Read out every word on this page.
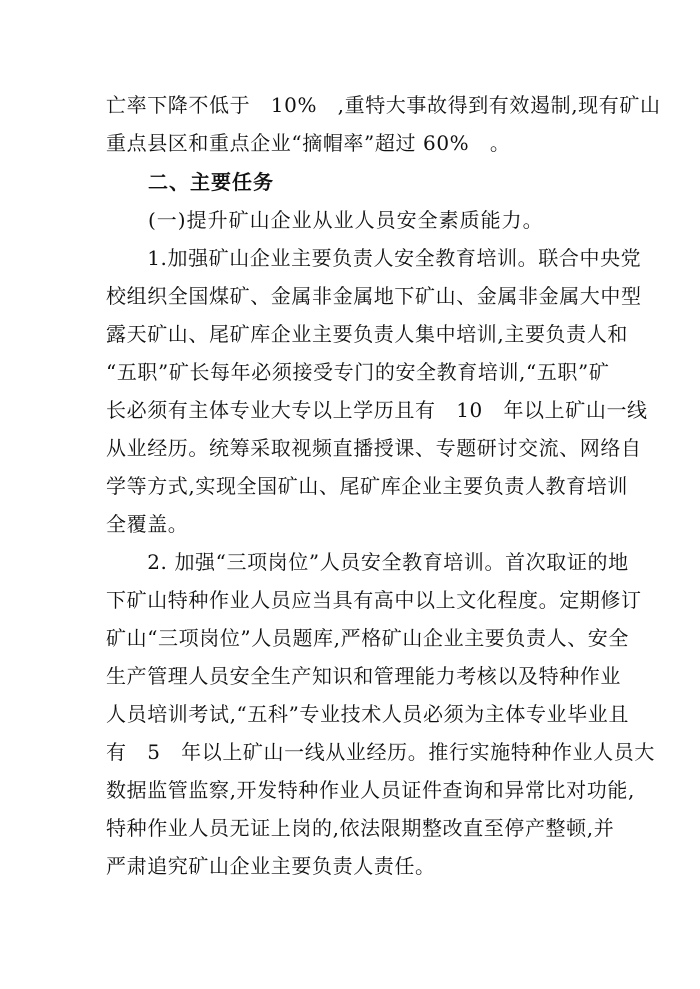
亡率下降不低于　10%　,重特大事故得到有效遏制,现有矿山
重点县区和重点企业“摘帽率”超过 60%　。
　　二、主要任务
　　(一)提升矿山企业从业人员安全素质能力。
　　1.加强矿山企业主要负责人安全教育培训。联合中央党
校组织全国煤矿、金属非金属地下矿山、金属非金属大中型
露天矿山、尾矿库企业主要负责人集中培训,主要负责人和
“五职”矿长每年必须接受专门的安全教育培训,“五职”矿
长必须有主体专业大专以上学历且有　10　年以上矿山一线
从业经历。统筹采取视频直播授课、专题研讨交流、网络自
学等方式,实现全国矿山、尾矿库企业主要负责人教育培训
全覆盖。
　　2. 加强“三项岗位”人员安全教育培训。首次取证的地
下矿山特种作业人员应当具有高中以上文化程度。定期修订
矿山“三项岗位”人员题库,严格矿山企业主要负责人、安全
生产管理人员安全生产知识和管理能力考核以及特种作业
人员培训考试,“五科”专业技术人员必须为主体专业毕业且
有　5　年以上矿山一线从业经历。推行实施特种作业人员大
数据监管监察,开发特种作业人员证件查询和异常比对功能,
特种作业人员无证上岗的,依法限期整改直至停产整顿,并
严肃追究矿山企业主要负责人责任。
